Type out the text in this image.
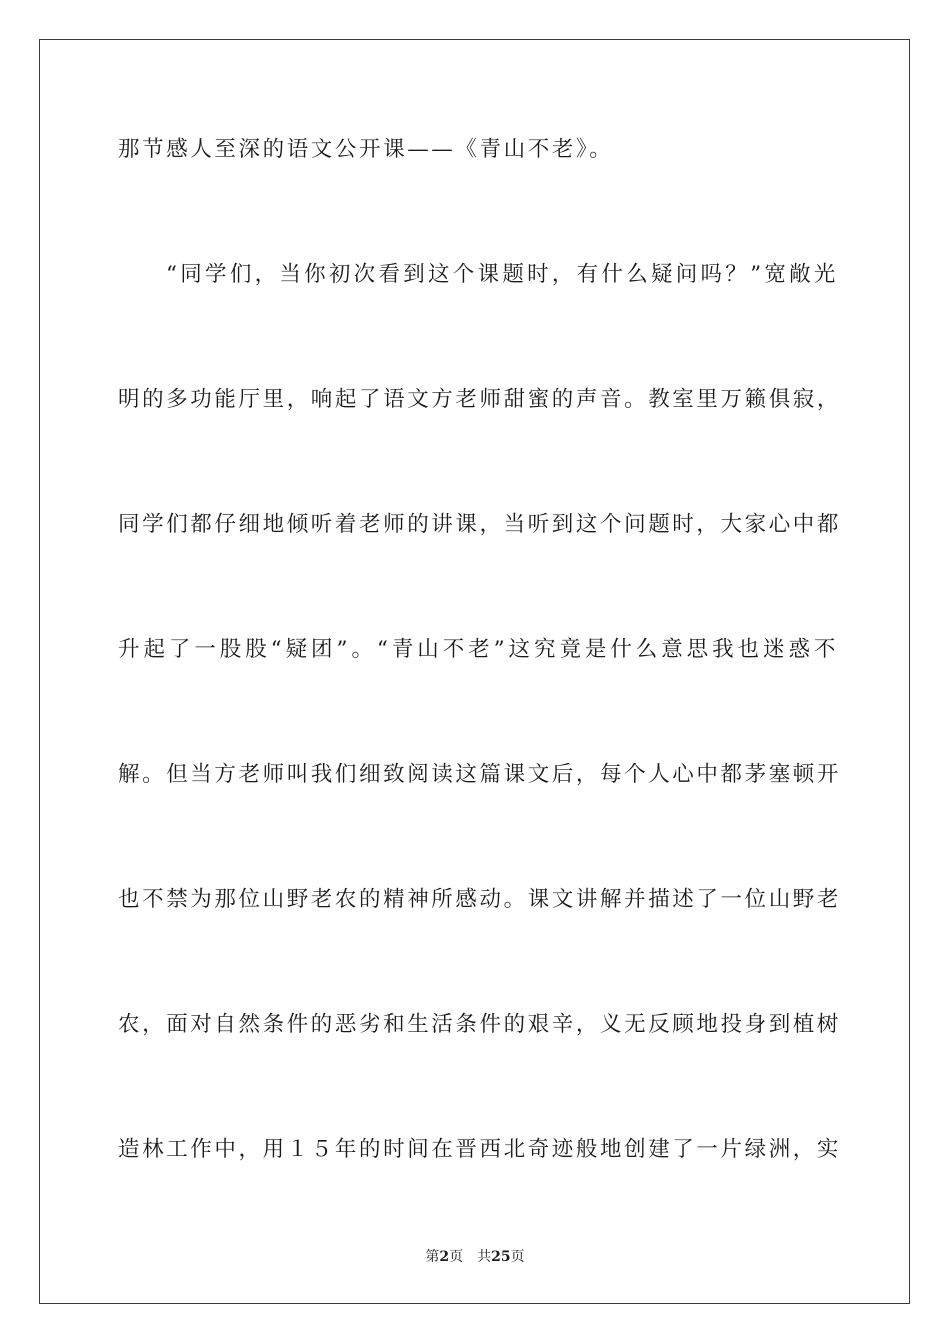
那节感人至深的语文公开课——《青山不老》。
“同学们，当你初次看到这个课题时，有什么疑问吗？”宽敞光
明的多功能厅里，响起了语文方老师甜蜜的声音。教室里万籁俱寂，
同学们都仔细地倾听着老师的讲课，当听到这个问题时，大家心中都
升起了一股股“疑团”。“青山不老”这究竟是什么意思我也迷惑不
解。但当方老师叫我们细致阅读这篇课文后，每个人心中都茅塞顿开
也不禁为那位山野老农的精神所感动。课文讲解并描述了一位山野老
农，面对自然条件的恶劣和生活条件的艰辛，义无反顾地投身到植树
造林工作中，用１５年的时间在晋西北奇迹般地创建了一片绿洲，实
第2页 共25页
